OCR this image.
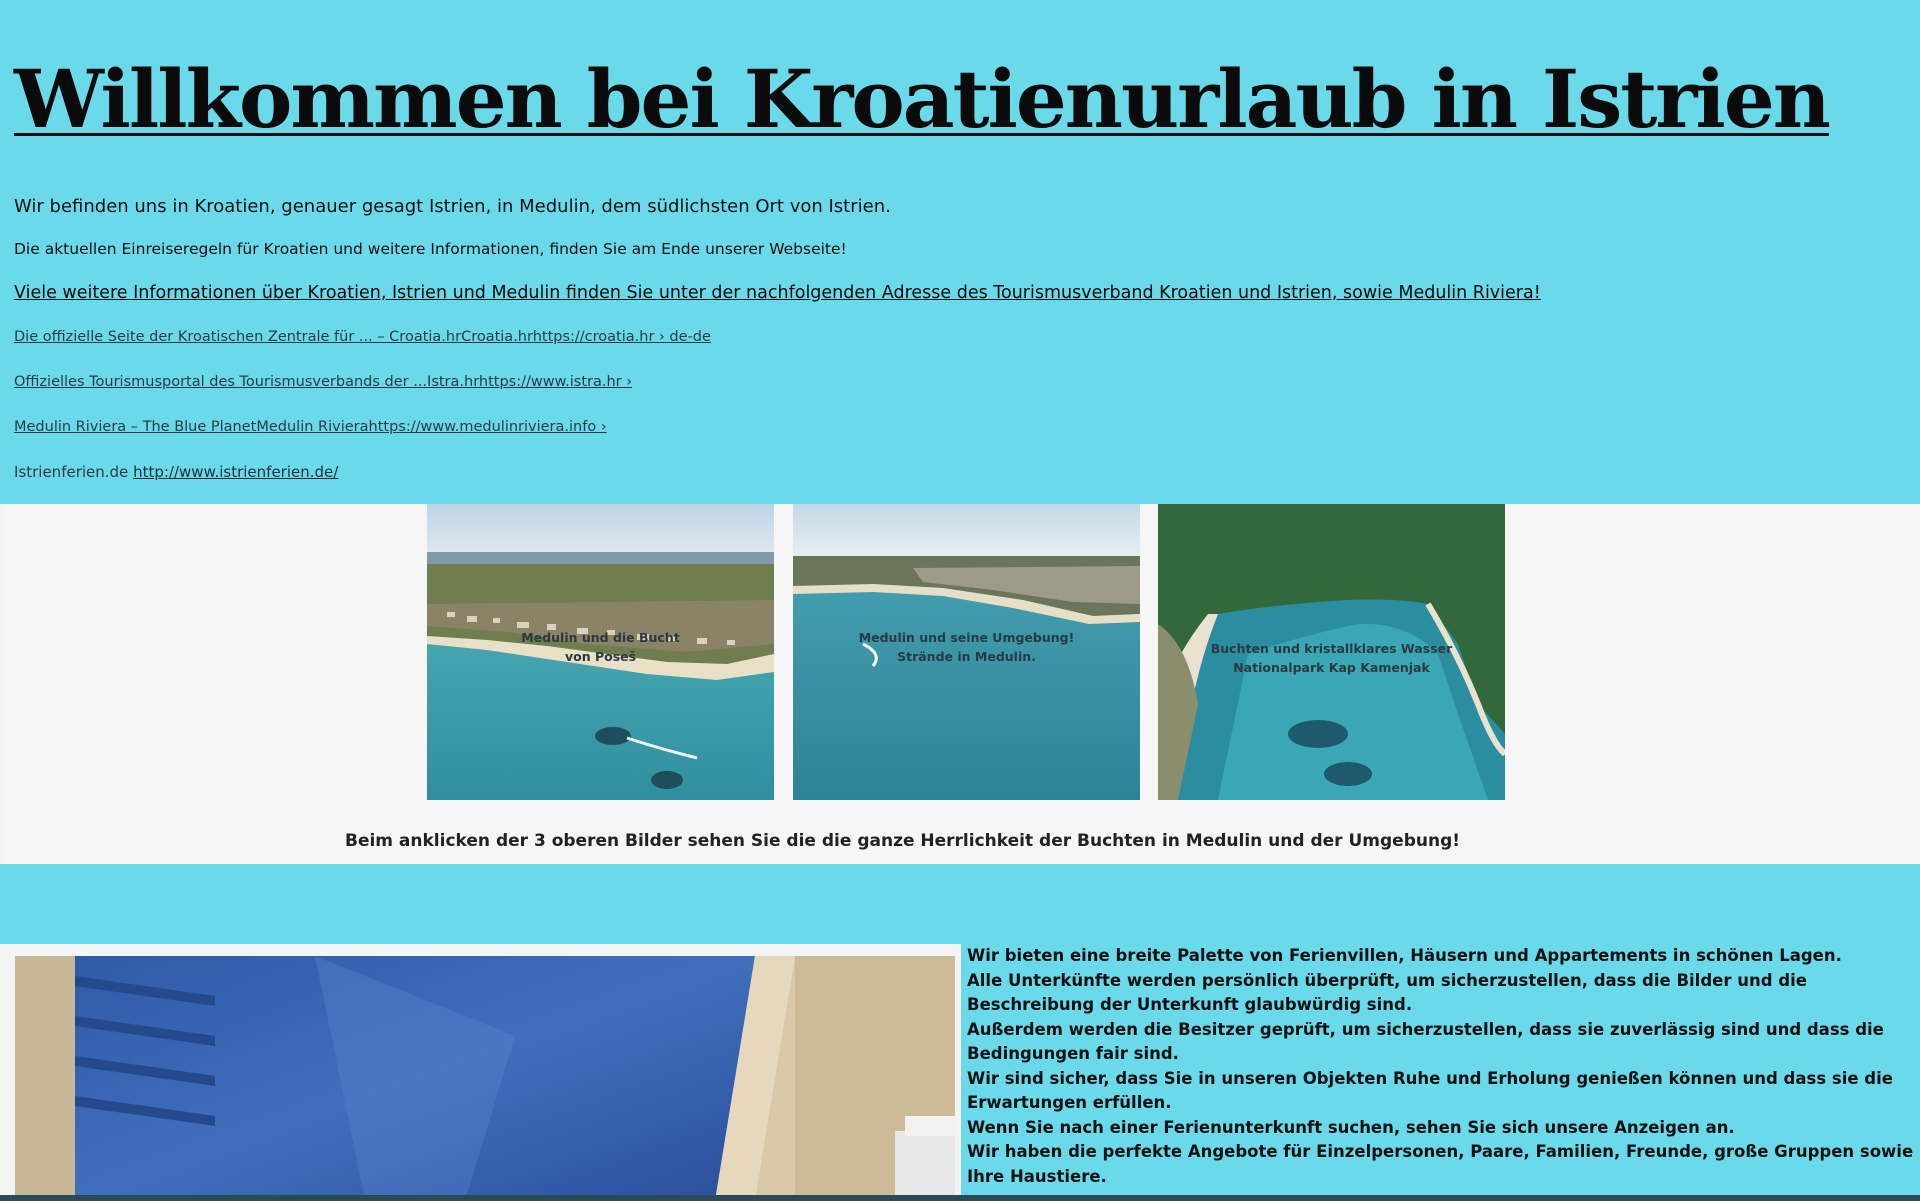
Willkommen bei Kroatienurlaub in Istrien
Wir befinden uns in Kroatien, genauer gesagt Istrien, in Medulin, dem südlichsten Ort von Istrien.
Die aktuellen Einreiseregeln für Kroatien und weitere Informationen, finden Sie am Ende unserer Webseite!
Viele weitere Informationen über Kroatien, Istrien und Medulin finden Sie unter der nachfolgenden Adresse des Tourismusverband Kroatien und Istrien, sowie Medulin Riviera!
Die offizielle Seite der Kroatischen Zentrale für ... – Croatia.hrCroatia.hrhttps://croatia.hr › de-de
Offizielles Tourismusportal des Tourismusverbands der ...Istra.hrhttps://www.istra.hr ›
Medulin Riviera – The Blue PlanetMedulin Rivierahttps://www.medulinriviera.info ›
Istrienferien.de http://www.istrienferien.de/
Medulin und die Bucht
von Poseš
Medulin und seine Umgebung!
Strände in Medulin.
Buchten und kristallklares Wasser
Nationalpark Kap Kamenjak
Beim anklicken der 3 oberen Bilder sehen Sie die die ganze Herrlichkeit der Buchten in Medulin und der Umgebung!
Wir bieten eine breite Palette von Ferienvillen, Häusern und Appartements in schönen Lagen.
Alle Unterkünfte werden persönlich überprüft, um sicherzustellen, dass die Bilder und die Beschreibung der Unterkunft glaubwürdig sind.
Außerdem werden die Besitzer geprüft, um sicherzustellen, dass sie zuverlässig sind und dass die Bedingungen fair sind.
Wir sind sicher, dass Sie in unseren Objekten Ruhe und Erholung genießen können und dass sie die Erwartungen erfüllen.
Wenn Sie nach einer Ferienunterkunft suchen, sehen Sie sich unsere Anzeigen an.
Wir haben die perfekte Angebote für Einzelpersonen, Paare, Familien, Freunde, große Gruppen sowie Ihre Haustiere.
